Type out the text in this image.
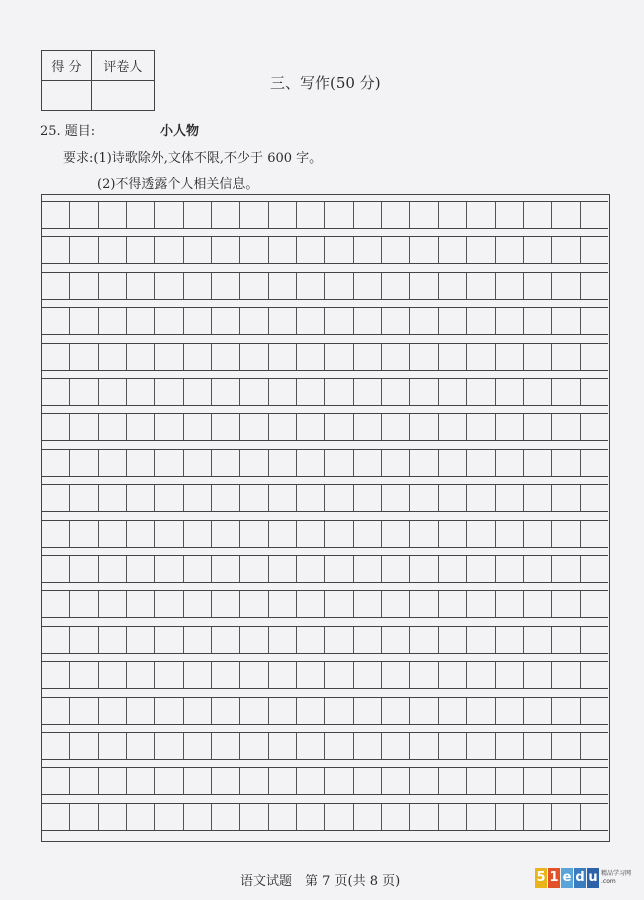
得 分	评卷人

三、写作(50 分)
25. 题目:	小人物
要求:(1)诗歌除外,文体不限,不少于 600 字。
(2)不得透露个人相关信息。
语文试题　第 7 页(共 8 页)	5 1 e d u 精品学习网
.com
